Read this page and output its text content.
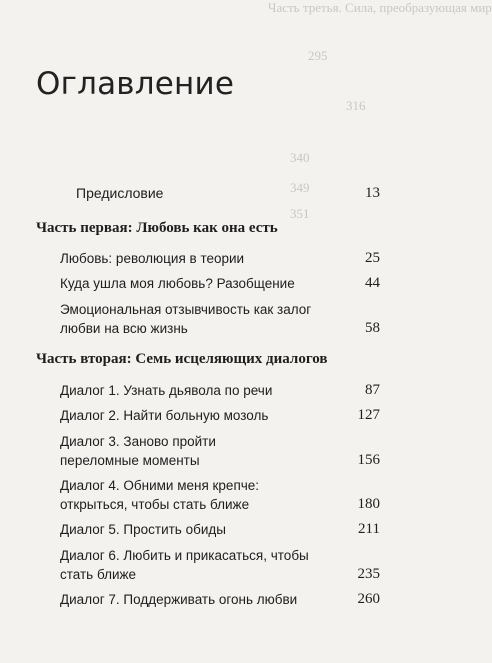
Часть третья. Сила, преобразующая мир
295
316
340
349
351
Оглавление
Предисловие	13
Часть первая: Любовь как она есть
Любовь: революция в теории	25
Куда ушла моя любовь? Разобщение	44
Эмоциональная отзывчивость как залог любви на всю жизнь	58
Часть вторая: Семь исцеляющих диалогов
Диалог 1. Узнать дьявола по речи	87
Диалог 2. Найти больную мозоль	127
Диалог 3. Заново пройти переломные моменты	156
Диалог 4. Обними меня крепче: открыться, чтобы стать ближе	180
Диалог 5. Простить обиды	211
Диалог 6. Любить и прикасаться, чтобы стать ближе	235
Диалог 7. Поддерживать огонь любви	260
